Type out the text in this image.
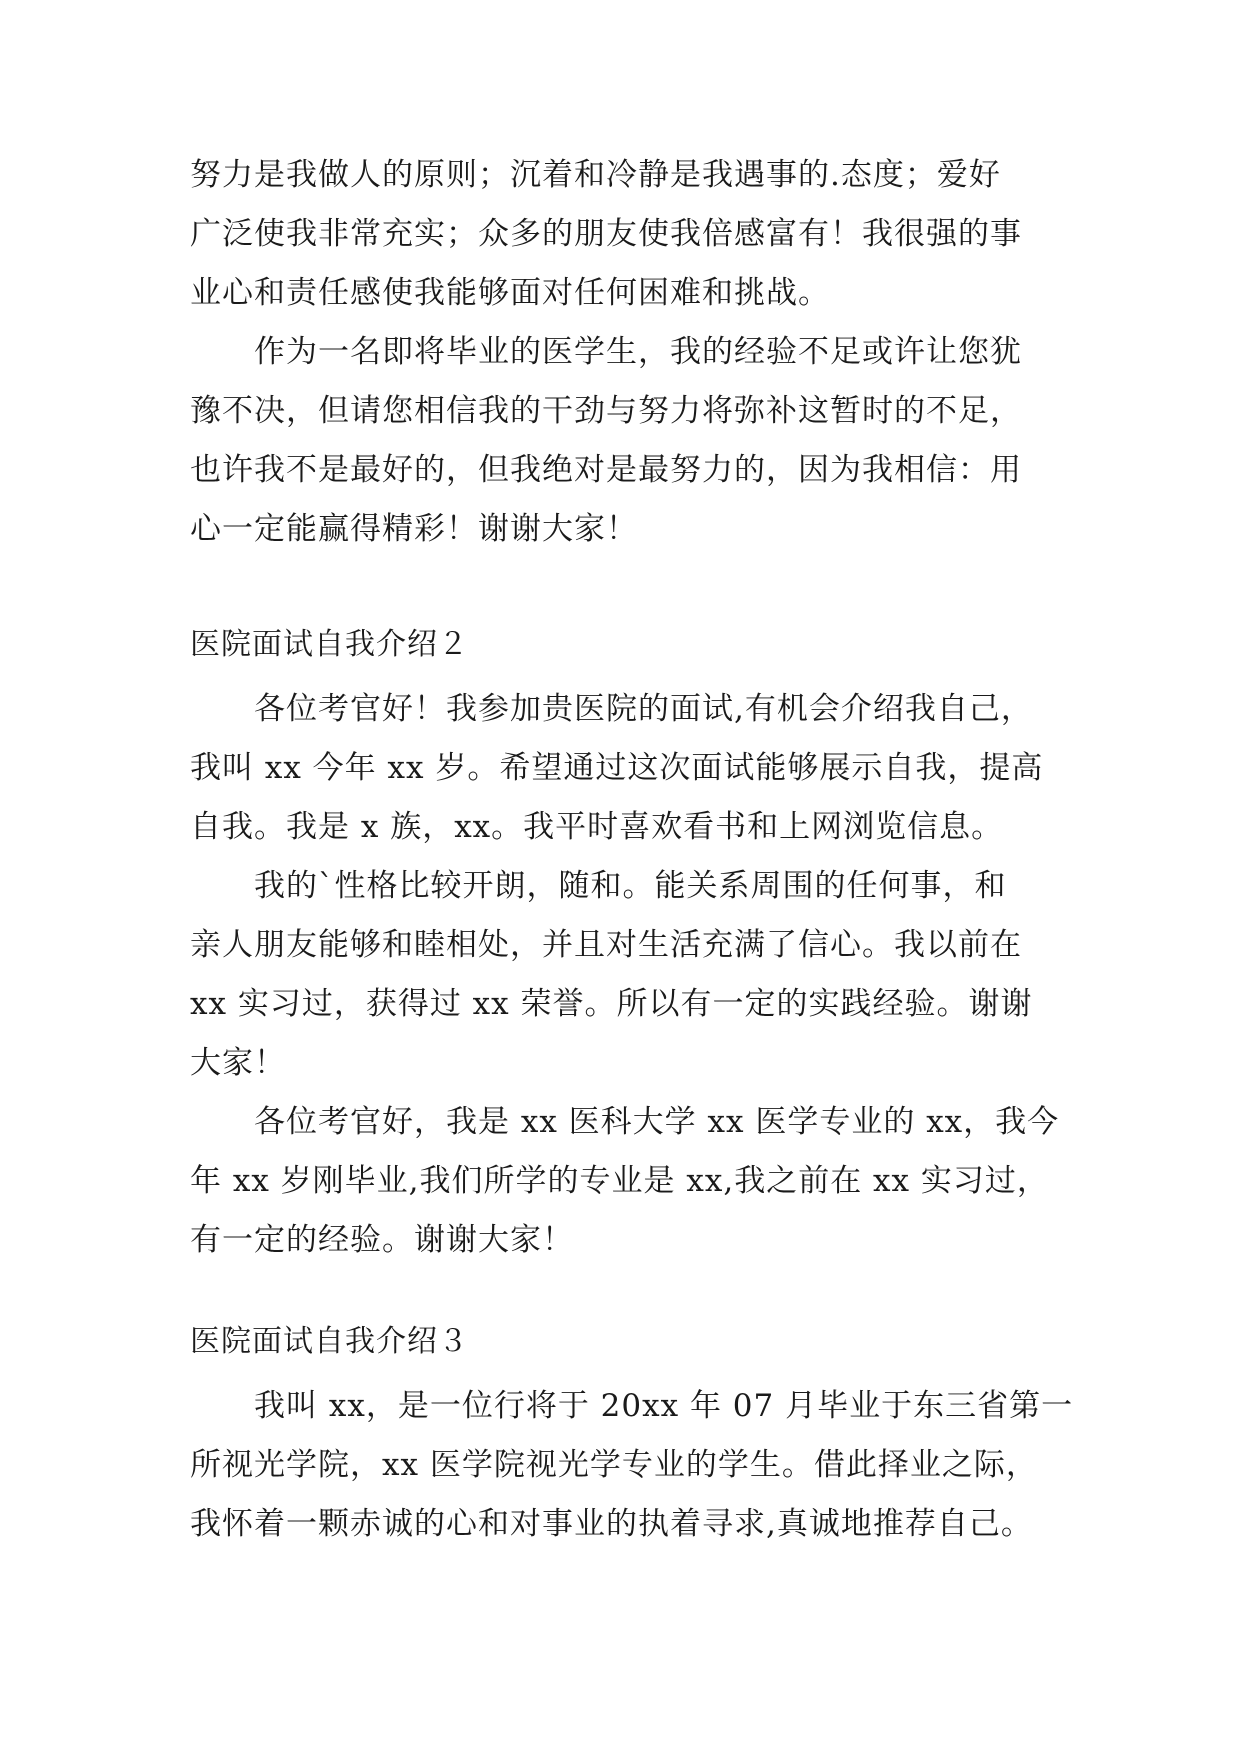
努力是我做人的原则；沉着和冷静是我遇事的.态度；爱好
广泛使我非常充实；众多的朋友使我倍感富有！我很强的事
业心和责任感使我能够面对任何困难和挑战。
　　作为一名即将毕业的医学生，我的经验不足或许让您犹
豫不决，但请您相信我的干劲与努力将弥补这暂时的不足，
也许我不是最好的，但我绝对是最努力的，因为我相信：用
心一定能赢得精彩！谢谢大家！
医院面试自我介绍２
　　各位考官好！我参加贵医院的面试,有机会介绍我自己，
我叫 xx 今年 xx 岁。希望通过这次面试能够展示自我，提高
自我。我是 x 族，xx。我平时喜欢看书和上网浏览信息。
　　我的`性格比较开朗，随和。能关系周围的任何事，和
亲人朋友能够和睦相处，并且对生活充满了信心。我以前在
xx 实习过，获得过 xx 荣誉。所以有一定的实践经验。谢谢
大家！
　　各位考官好，我是 xx 医科大学 xx 医学专业的 xx，我今
年 xx 岁刚毕业,我们所学的专业是 xx,我之前在 xx 实习过，
有一定的经验。谢谢大家！
医院面试自我介绍３
　　我叫 xx，是一位行将于 20xx 年 07 月毕业于东三省第一
所视光学院，xx 医学院视光学专业的学生。借此择业之际，
我怀着一颗赤诚的心和对事业的执着寻求,真诚地推荐自己。
